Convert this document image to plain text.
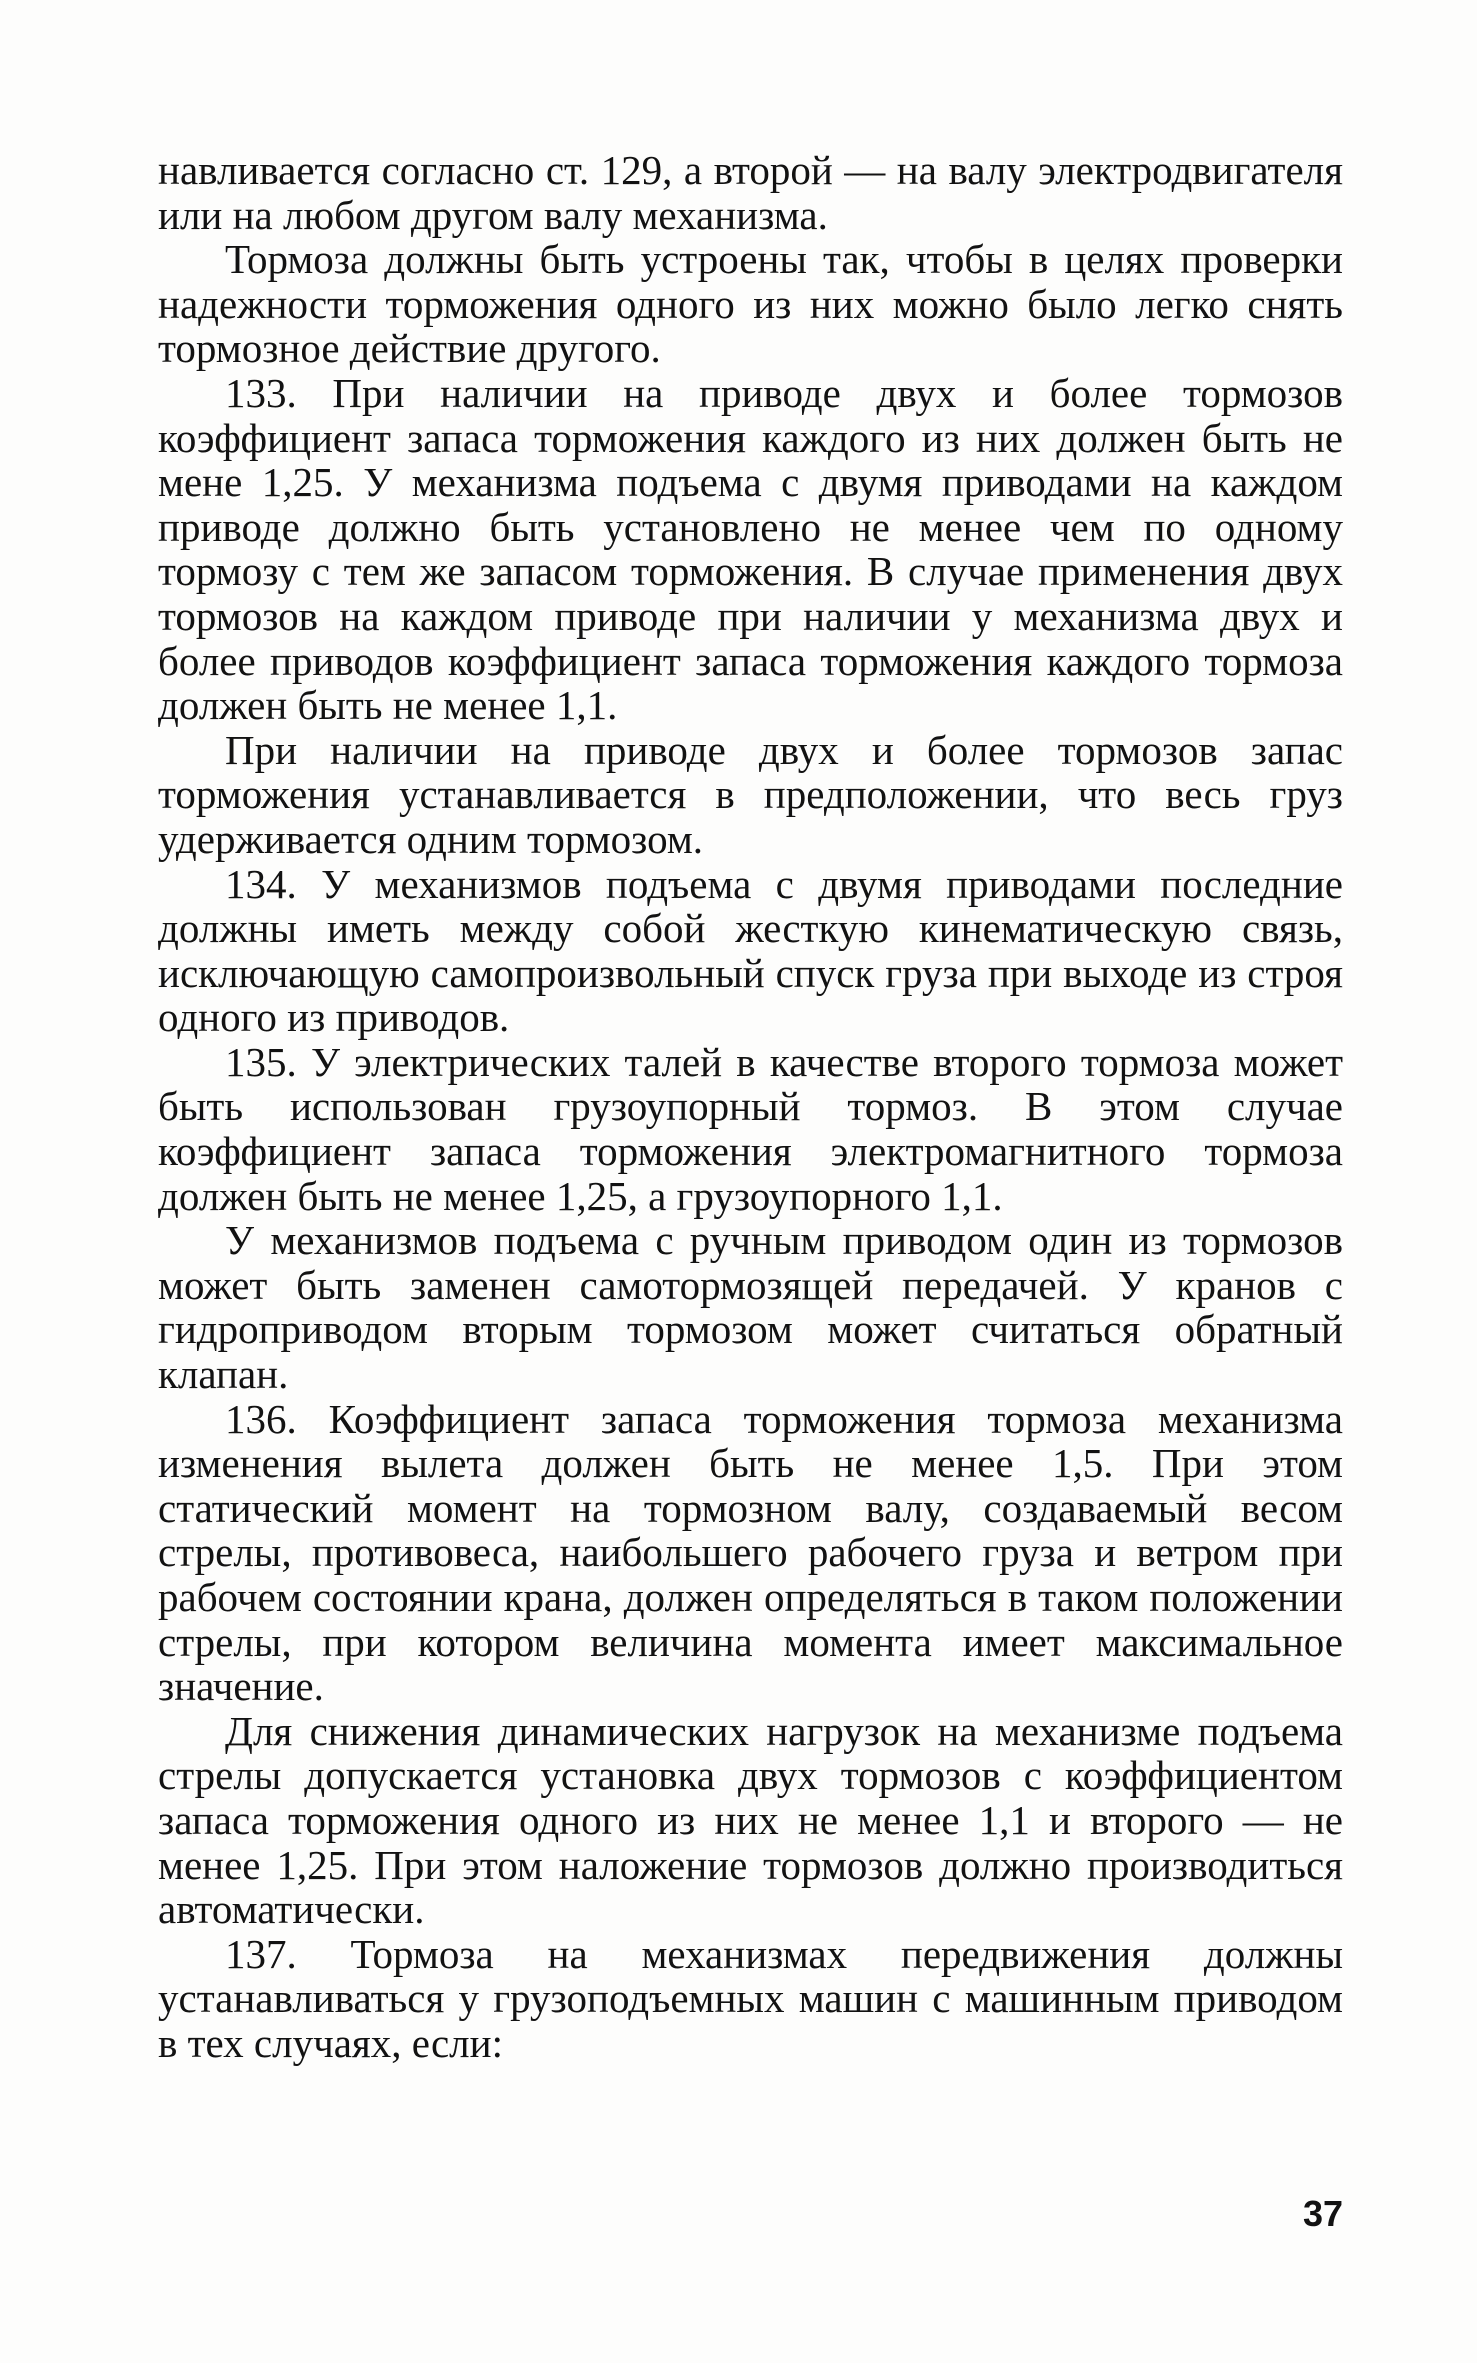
навливается согласно ст. 129, а второй — на валу электродвигателя или на любом другом валу механизма.

Тормоза должны быть устроены так, чтобы в целях проверки надежности торможения одного из них можно было легко снять тормозное действие другого.

133. При наличии на приводе двух и более тормозов коэффициент запаса торможения каждого из них должен быть не мене 1,25. У механизма подъема с двумя приводами на каждом приводе должно быть установлено не менее чем по одному тормозу с тем же запасом торможения. В случае применения двух тормозов на каждом приводе при наличии у механизма двух и более приводов коэффициент запаса торможения каждого тормоза должен быть не менее 1,1.

При наличии на приводе двух и более тормозов запас торможения устанавливается в предположении, что весь груз удерживается одним тормозом.

134. У механизмов подъема с двумя приводами последние должны иметь между собой жесткую кинематическую связь, исключающую самопроизвольный спуск груза при выходе из строя одного из приводов.

135. У электрических талей в качестве второго тормоза может быть использован грузоупорный тормоз. В этом случае коэффициент запаса торможения электромагнитного тормоза должен быть не менее 1,25, а грузоупорного 1,1.

У механизмов подъема с ручным приводом один из тормозов может быть заменен самотормозящей передачей. У кранов с гидроприводом вторым тормозом может считаться обратный клапан.

136. Коэффициент запаса торможения тормоза механизма изменения вылета должен быть не менее 1,5. При этом статический момент на тормозном валу, создаваемый весом стрелы, противовеса, наибольшего рабочего груза и ветром при рабочем состоянии крана, должен определяться в таком положении стрелы, при котором величина момента имеет максимальное значение.

Для снижения динамических нагрузок на механизме подъема стрелы допускается установка двух тормозов с коэффициентом запаса торможения одного из них не менее 1,1 и второго — не менее 1,25. При этом наложение тормозов должно производиться автоматически.

137. Тормоза на механизмах передвижения должны устанавливаться у грузоподъемных машин с машинным приводом в тех случаях, если:

37
